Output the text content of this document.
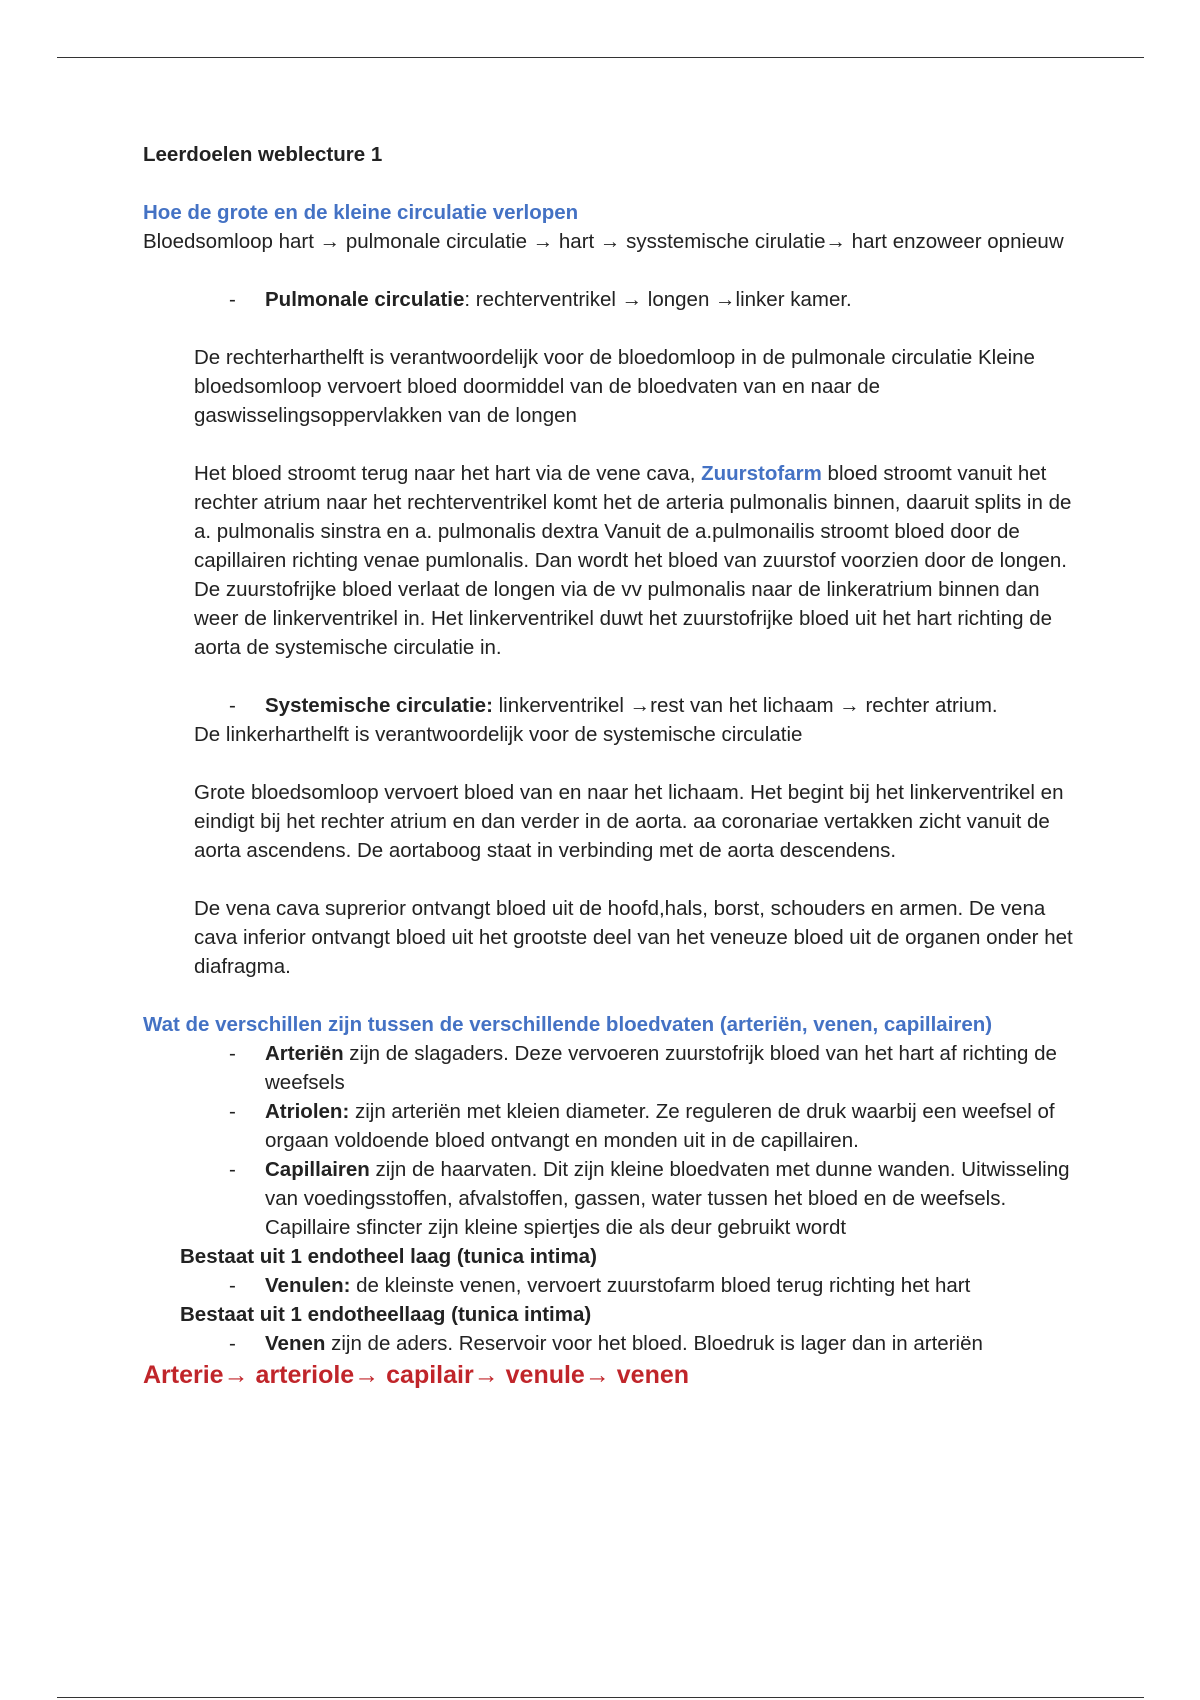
Leerdoelen weblecture 1

Hoe de grote en de kleine circulatie verlopen

Bloedsomloop hart → pulmonale circulatie → hart → sysstemische cirulatie→ hart enzoweer opnieuw

- Pulmonale circulatie: rechterventrikel → longen →linker kamer.

De rechterharthelft is verantwoordelijk voor de bloedomloop in de pulmonale circulatie Kleine bloedsomloop vervoert bloed doormiddel van de bloedvaten van en naar de gaswisselingsoppervlakken van de longen

Het bloed stroomt terug naar het hart via de vene cava, Zuurstofarm bloed stroomt vanuit het rechter atrium naar het rechterventrikel komt het de arteria pulmonalis binnen, daaruit splits in de a. pulmonalis sinstra en a. pulmonalis dextra Vanuit de a.pulmonailis stroomt bloed door de capillairen richting venae pumlonalis. Dan wordt het bloed van zuurstof voorzien door de longen.

De zuurstofrijke bloed verlaat de longen via de vv pulmonalis naar de linkeratrium binnen dan weer de linkerventrikel in. Het linkerventrikel duwt het zuurstofrijke bloed uit het hart richting de aorta de systemische circulatie in.

- Systemische circulatie: linkerventrikel →rest van het lichaam → rechter atrium.

De linkerharthelft is verantwoordelijk voor de systemische circulatie

Grote bloedsomloop vervoert bloed van en naar het lichaam. Het begint bij het linkerventrikel en eindigt bij het rechter atrium en dan verder in de aorta. aa coronariae vertakken zicht vanuit de aorta ascendens. De aortaboog staat in verbinding met de aorta descendens.

De vena cava suprerior ontvangt bloed uit de hoofd,hals, borst, schouders en armen. De vena cava inferior ontvangt bloed uit het grootste deel van het veneuze bloed uit de organen onder het diafragma.

Wat de verschillen zijn tussen de verschillende bloedvaten (arteriën, venen, capillairen)

- Arteriën zijn de slagaders. Deze vervoeren zuurstofrijk bloed van het hart af richting de weefsels

- Atriolen: zijn arteriën met kleien diameter. Ze reguleren de druk waarbij een weefsel of orgaan voldoende bloed ontvangt en monden uit in de capillairen.

- Capillairen zijn de haarvaten. Dit zijn kleine bloedvaten met dunne wanden. Uitwisseling van voedingsstoffen, afvalstoffen, gassen, water tussen het bloed en de weefsels. Capillaire sfincter zijn kleine spiertjes die als deur gebruikt wordt

Bestaat uit 1 endotheel laag (tunica intima)

- Venulen: de kleinste venen, vervoert zuurstofarm bloed terug richting het hart

Bestaat uit 1 endotheellaag (tunica intima)

- Venen zijn de aders. Reservoir voor het bloed. Bloedruk is lager dan in arteriën

Arterie→ arteriole→ capilair→ venule→ venen
